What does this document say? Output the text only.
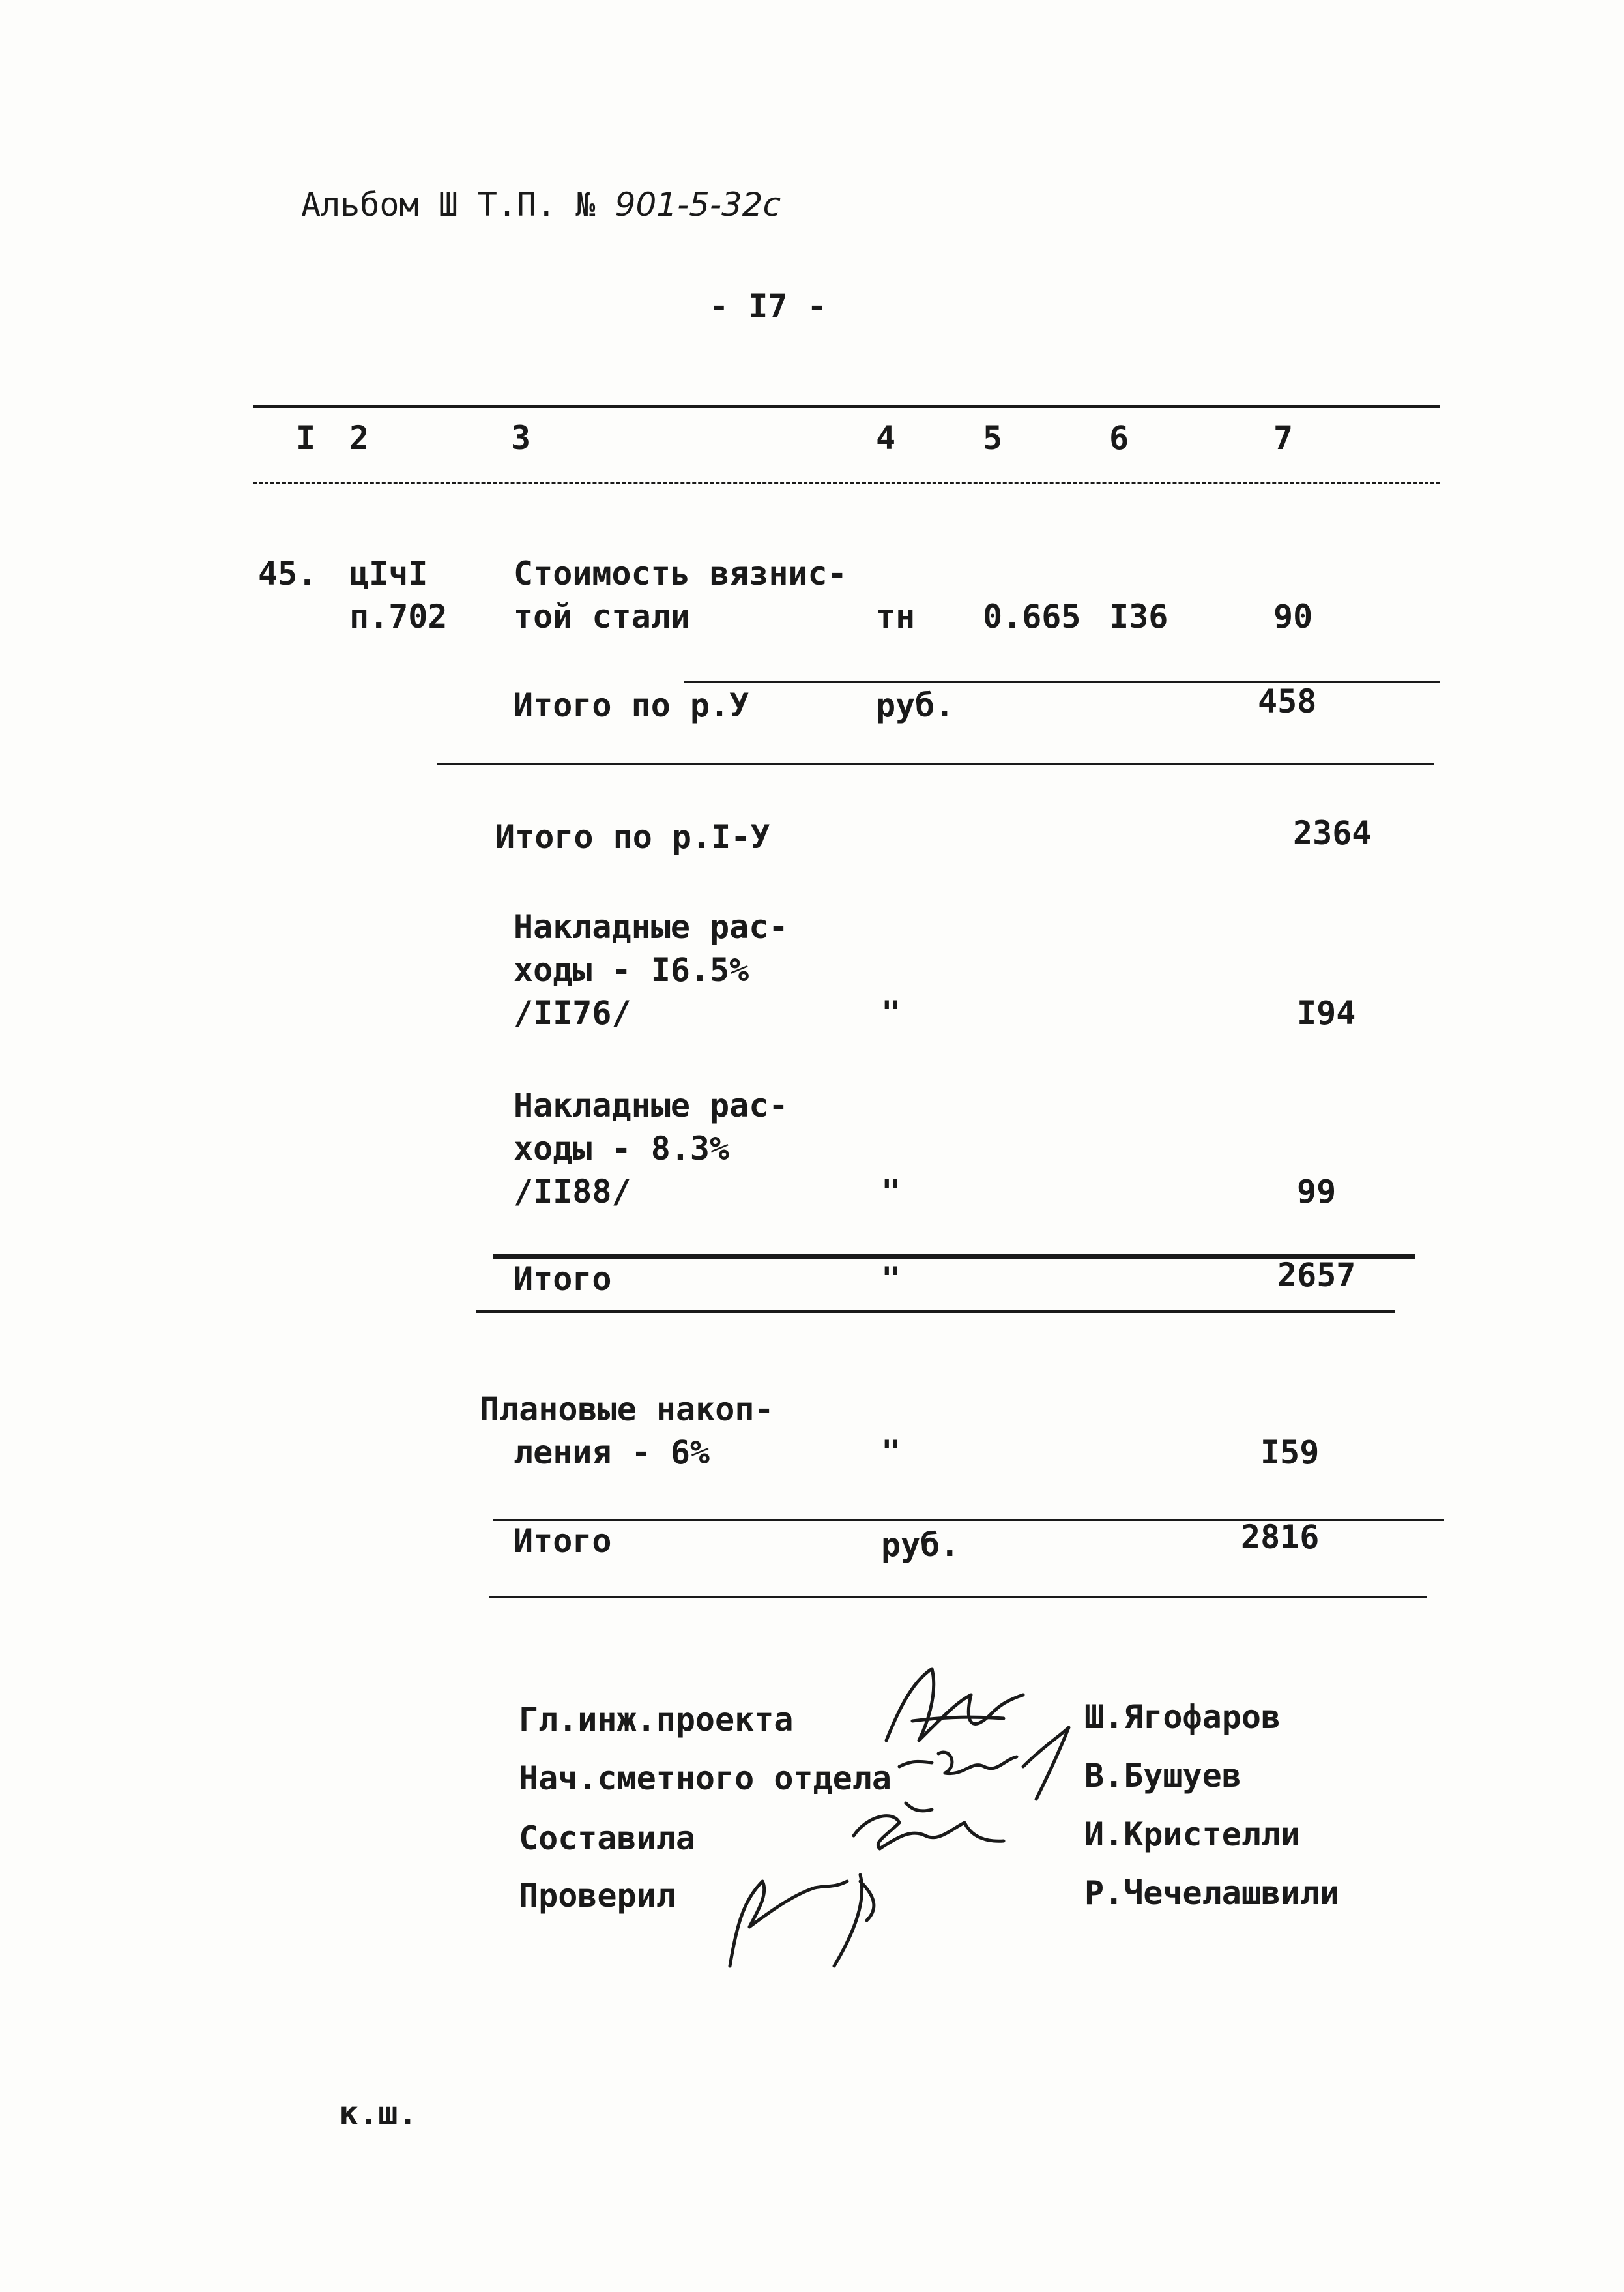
Альбом Ш Т.П. № 901-5-32с
- I7 -
I 2	3	4	5	6	7
45. цIчI
п.702
Стоимость вязнис-
той стали	тн 0.665 I36	90
Итого по р.У	руб.	458
Итого по р.I-У	2364
Накладные рас-
ходы - I6.5%
/II76/	"	I94
Накладные рас-
ходы - 8.3%
/II88/	"	99
Итого	"	2657
Плановые накоп-
ления - 6%	"	I59
Итого	руб.	2816
Гл.инж.проекта	Ш.Ягофаров
Нач.сметного отдела	В.Бушуев
Составила	И.Кристелли
Проверил	Р.Чечелашвили
к.ш.
